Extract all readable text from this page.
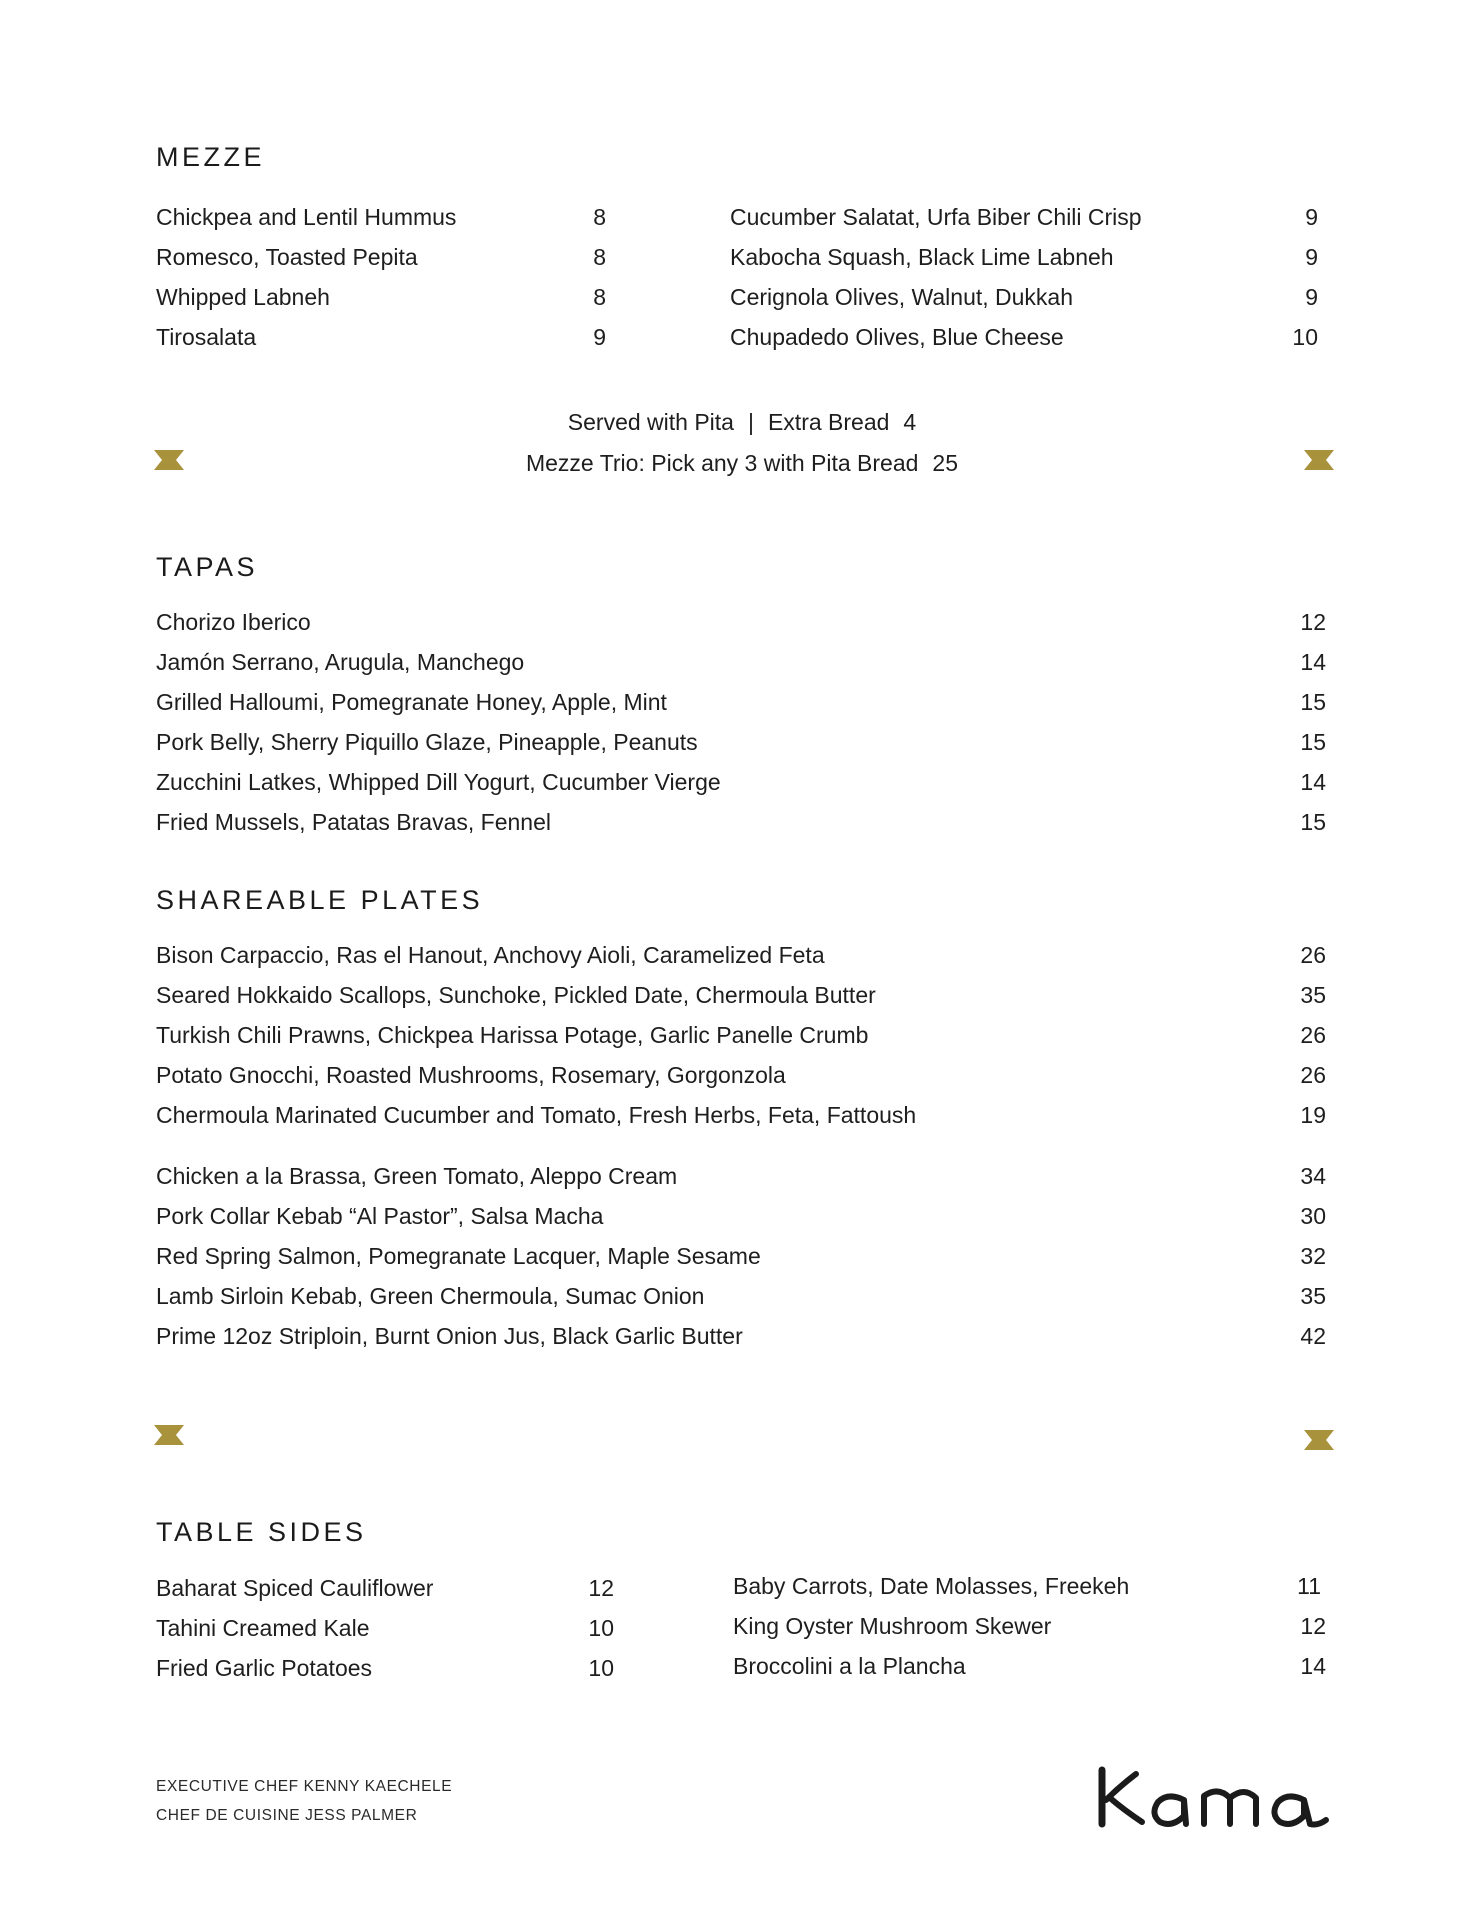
MEZZE
Chickpea and Lentil Hummus	8
Romesco, Toasted Pepita	8
Whipped Labneh	8
Tirosalata	9
Cucumber Salatat, Urfa Biber Chili Crisp	9
Kabocha Squash, Black Lime Labneh	9
Cerignola Olives, Walnut, Dukkah	9
Chupadedo Olives, Blue Cheese	10
Served with Pita | Extra Bread 4
Mezze Trio: Pick any 3 with Pita Bread 25
TAPAS
Chorizo Iberico	12
Jamón Serrano, Arugula, Manchego	14
Grilled Halloumi, Pomegranate Honey, Apple, Mint	15
Pork Belly, Sherry Piquillo Glaze, Pineapple, Peanuts	15
Zucchini Latkes, Whipped Dill Yogurt, Cucumber Vierge	14
Fried Mussels, Patatas Bravas, Fennel	15
SHAREABLE PLATES
Bison Carpaccio, Ras el Hanout, Anchovy Aioli, Caramelized Feta	26
Seared Hokkaido Scallops, Sunchoke, Pickled Date, Chermoula Butter	35
Turkish Chili Prawns, Chickpea Harissa Potage, Garlic Panelle Crumb	26
Potato Gnocchi, Roasted Mushrooms, Rosemary, Gorgonzola	26
Chermoula Marinated Cucumber and Tomato, Fresh Herbs, Feta, Fattoush	19
Chicken a la Brassa, Green Tomato, Aleppo Cream	34
Pork Collar Kebab “Al Pastor”, Salsa Macha	30
Red Spring Salmon, Pomegranate Lacquer, Maple Sesame	32
Lamb Sirloin Kebab, Green Chermoula, Sumac Onion	35
Prime 12oz Striploin, Burnt Onion Jus, Black Garlic Butter	42
TABLE SIDES
Baharat Spiced Cauliflower	12
Tahini Creamed Kale	10
Fried Garlic Potatoes	10
Baby Carrots, Date Molasses, Freekeh	11
King Oyster Mushroom Skewer	12
Broccolini a la Plancha	14
EXECUTIVE CHEF KENNY KAECHELE
CHEF DE CUISINE JESS PALMER
Kama
